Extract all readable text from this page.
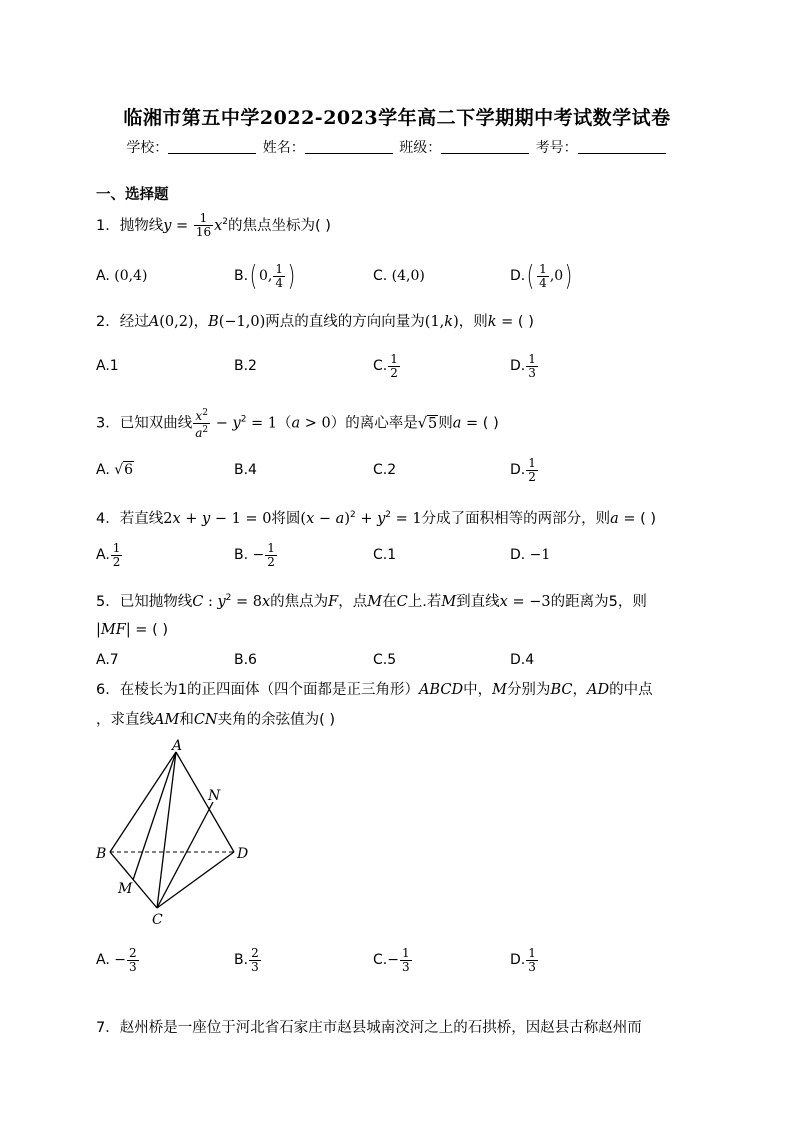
临湘市第五中学2022-2023学年高二下学期期中考试数学试卷
学校：	姓名：	班级：	考号：
一、选择题
1．抛物线$y = \frac{1}{16} x^2$的焦点坐标为( )
A. (0,4)	B. ( 0, $\frac{1}{4}$ )	C. (4,0)	D. ( $\frac{1}{4} ,0$ )
2．经过A(0,2)，B(−1,0)两点的直线的方向向量为(1,k)，则k = ( )
A.1	B.2	C. $\frac{1}{2}$	D. $\frac{1}{3}$
3．已知双曲线 $\frac{x^2}{a^2} - y^2 = 1(a > 0)$的离心率是√5则a = ( )
A. √6	B.4	C.2	D. $\frac{1}{2}$
4．若直线2x + y − 1 = 0将圆$(x - a)^2 + y^2 = 1$分成了面积相等的两部分，则a = ( )
A. $\frac{1}{2}$	B. − $\frac{1}{2}$	C.1	D. −1
5．已知抛物线C : $y^2 = 8x$的焦点为F，点M在C上.若M到直线x = −3的距离为5，则
|MF| = ( )
A.7	B.6	C.5	D.4
6．在棱长为1的正四面体（四个面都是正三角形）ABCD中，M分别为BC，AD的中点
，求直线AM和CN夹角的余弦值为( )
A
B
C
D
M
N
A. − $\frac{2}{3}$	B. $\frac{2}{3}$	C. − $\frac{1}{3}$	D. $\frac{1}{3}$
7．赵州桥是一座位于河北省石家庄市赵县城南洨河之上的石拱桥，因赵县古称赵州而
